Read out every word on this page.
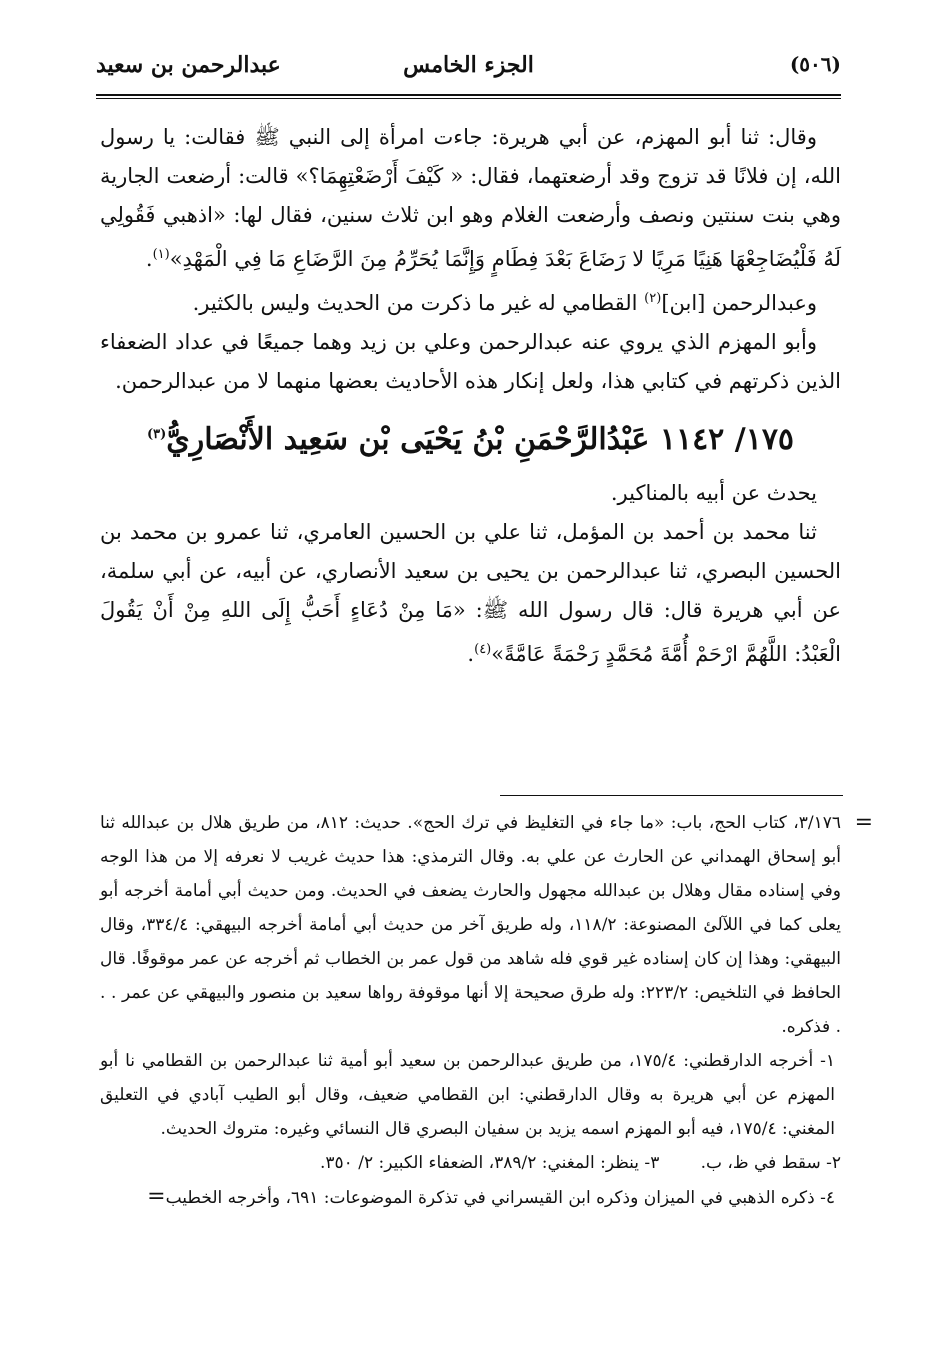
(٥٠٦)
الجزء الخامس
عبدالرحمن بن سعيد

وقال: ثنا أبو المهزم، عن أبي هريرة: جاءت امرأة إلى النبي ﷺ فقالت: يا رسول الله، إن فلانًا قد تزوج وقد أرضعتهما، فقال: « كَيْفَ أَرْضَعْتِهِمَا؟» قالت: أرضعت الجارية وهي بنت سنتين ونصف وأرضعت الغلام وهو ابن ثلاث سنين، فقال لها: «اذهبي فَقُولِي لَهُ فَلْيُضَاجِعْهَا هَنِيًا مَرِيًا لا رَضَاعَ بَعْدَ فِطَامٍ وَإِنَّمَا يُحَرِّمُ مِنَ الرَّضَاعِ مَا فِي الْمَهْدِ»$^{(١)}$.

وعبدالرحمن [ابن]$^{(٢)}$ القطامي له غير ما ذكرت من الحديث وليس بالكثير.

وأبو المهزم الذي يروي عنه عبدالرحمن وعلي بن زيد وهما جميعًا في عداد الضعفاء الذين ذكرتهم في كتابي هذا، ولعل إنكار هذه الأحاديث بعضها منهما لا من عبدالرحمن.

١٧٥/ ١١٤٢ عَبْدُالرَّحْمَنِ بْنُ يَحْيَى بْن سَعِيد الأَنْصَارِيُّ$^{(٣)}$

يحدث عن أبيه بالمناكير.

ثنا محمد بن أحمد بن المؤمل، ثنا علي بن الحسين العامري، ثنا عمرو بن محمد بن الحسين البصري، ثنا عبدالرحمن بن يحيى بن سعيد الأنصاري، عن أبيه، عن أبي سلمة، عن أبي هريرة قال: قال رسول الله ﷺ: «مَا مِنْ دُعَاءٍ أَحَبُّ إِلَى اللهِ مِنْ أَنْ يَقُولَ الْعَبْدُ: اللَّهُمَّ ارْحَمْ أُمَّةَ مُحَمَّدٍ رَحْمَةً عَامَّةً»$^{(٤)}$.

=

٣/١٧٦، كتاب الحج، باب: «ما جاء في التغليظ في ترك الحج». حديث: ٨١٢، من طريق هلال بن عبدالله ثنا أبو إسحاق الهمداني عن الحارث عن علي به. وقال الترمذي: هذا حديث غريب لا نعرفه إلا من هذا الوجه وفي إسناده مقال وهلال بن عبدالله مجهول والحارث يضعف في الحديث. ومن حديث أبي أمامة أخرجه أبو يعلى كما في اللآلئ المصنوعة: ١١٨/٢، وله طريق آخر من حديث أبي أمامة أخرجه البيهقي: ٣٣٤/٤، وقال البيهقي: وهذا إن كان إسناده غير قوي فله شاهد من قول عمر بن الخطاب ثم أخرجه عن عمر موقوفًا. قال الحافظ في التلخيص: ٢٢٣/٢: وله طرق صحيحة إلا أنها موقوفة رواها سعيد بن منصور والبيهقي عن عمر . . . فذكره.

١- أخرجه الدارقطني: ١٧٥/٤، من طريق عبدالرحمن بن سعيد أبو أمية ثنا عبدالرحمن بن القطامي نا أبو المهزم عن أبي هريرة به وقال الدارقطني: ابن القطامي ضعيف، وقال أبو الطيب آبادي في التعليق المغني: ١٧٥/٤، فيه أبو المهزم اسمه يزيد بن سفيان البصري قال النسائي وغيره: متروك الحديث.

٢- سقط في ظ، ب.
٣- ينظر: المغني: ٣٨٩/٢، الضعفاء الكبير: ٢/ ٣٥٠.

٤- ذكره الذهبي في الميزان وذكره ابن القيسراني في تذكرة الموضوعات: ٦٩١، وأخرجه الخطيب=
